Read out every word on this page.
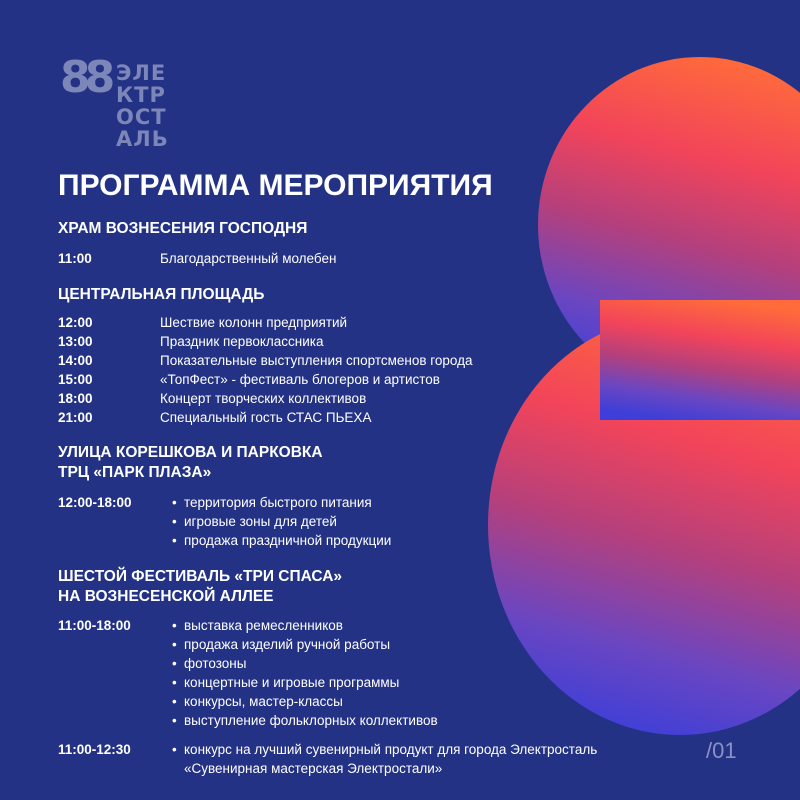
88 ЭЛЕ
КТР
ОСТ
АЛЬ
ПРОГРАММА МЕРОПРИЯТИЯ
ХРАМ ВОЗНЕСЕНИЯ ГОСПОДНЯ
11:00	Благодарственный молебен
ЦЕНТРАЛЬНАЯ ПЛОЩАДЬ
12:00	Шествие колонн предприятий
13:00	Праздник первоклассника
14:00	Показательные выступления спортсменов города
15:00	«ТопФест» - фестиваль блогеров и артистов
18:00	Концерт творческих коллективов
21:00	Специальный гость СТАС ПЬЕХА
УЛИЦА КОРЕШКОВА И ПАРКОВКА
ТРЦ «ПАРК ПЛАЗА»
12:00-18:00	• территория быстрого питания
• игровые зоны для детей
• продажа праздничной продукции
ШЕСТОЙ ФЕСТИВАЛЬ «ТРИ СПАСА»
НА ВОЗНЕСЕНСКОЙ АЛЛЕЕ
11:00-18:00	• выставка ремесленников
• продажа изделий ручной работы
• фотозоны
• концертные и игровые программы
• конкурсы, мастер-классы
• выступление фольклорных коллективов
11:00-12:30	• конкурс на лучший сувенирный продукт для города Электросталь
«Сувенирная мастерская Электростали»
/01
